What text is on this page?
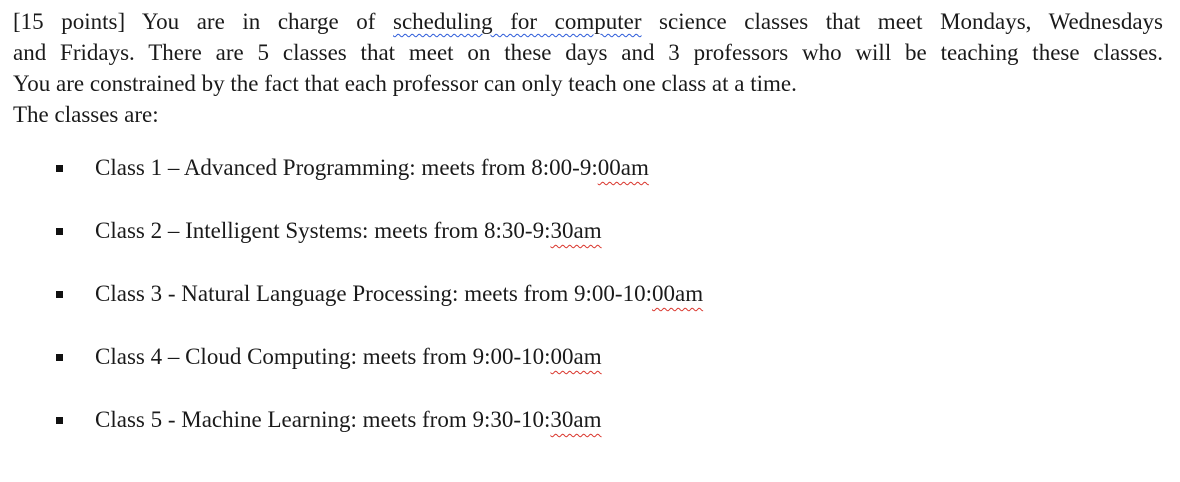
[15 points] You are in charge of scheduling for computer science classes that meet Mondays, Wednesdays
and Fridays. There are 5 classes that meet on these days and 3 professors who will be teaching these classes.
You are constrained by the fact that each professor can only teach one class at a time.

The classes are:

Class 1 – Advanced Programming: meets from 8:00-9:00am
Class 2 – Intelligent Systems: meets from 8:30-9:30am
Class 3 - Natural Language Processing: meets from 9:00-10:00am
Class 4 – Cloud Computing: meets from 9:00-10:00am
Class 5 - Machine Learning: meets from 9:30-10:30am
